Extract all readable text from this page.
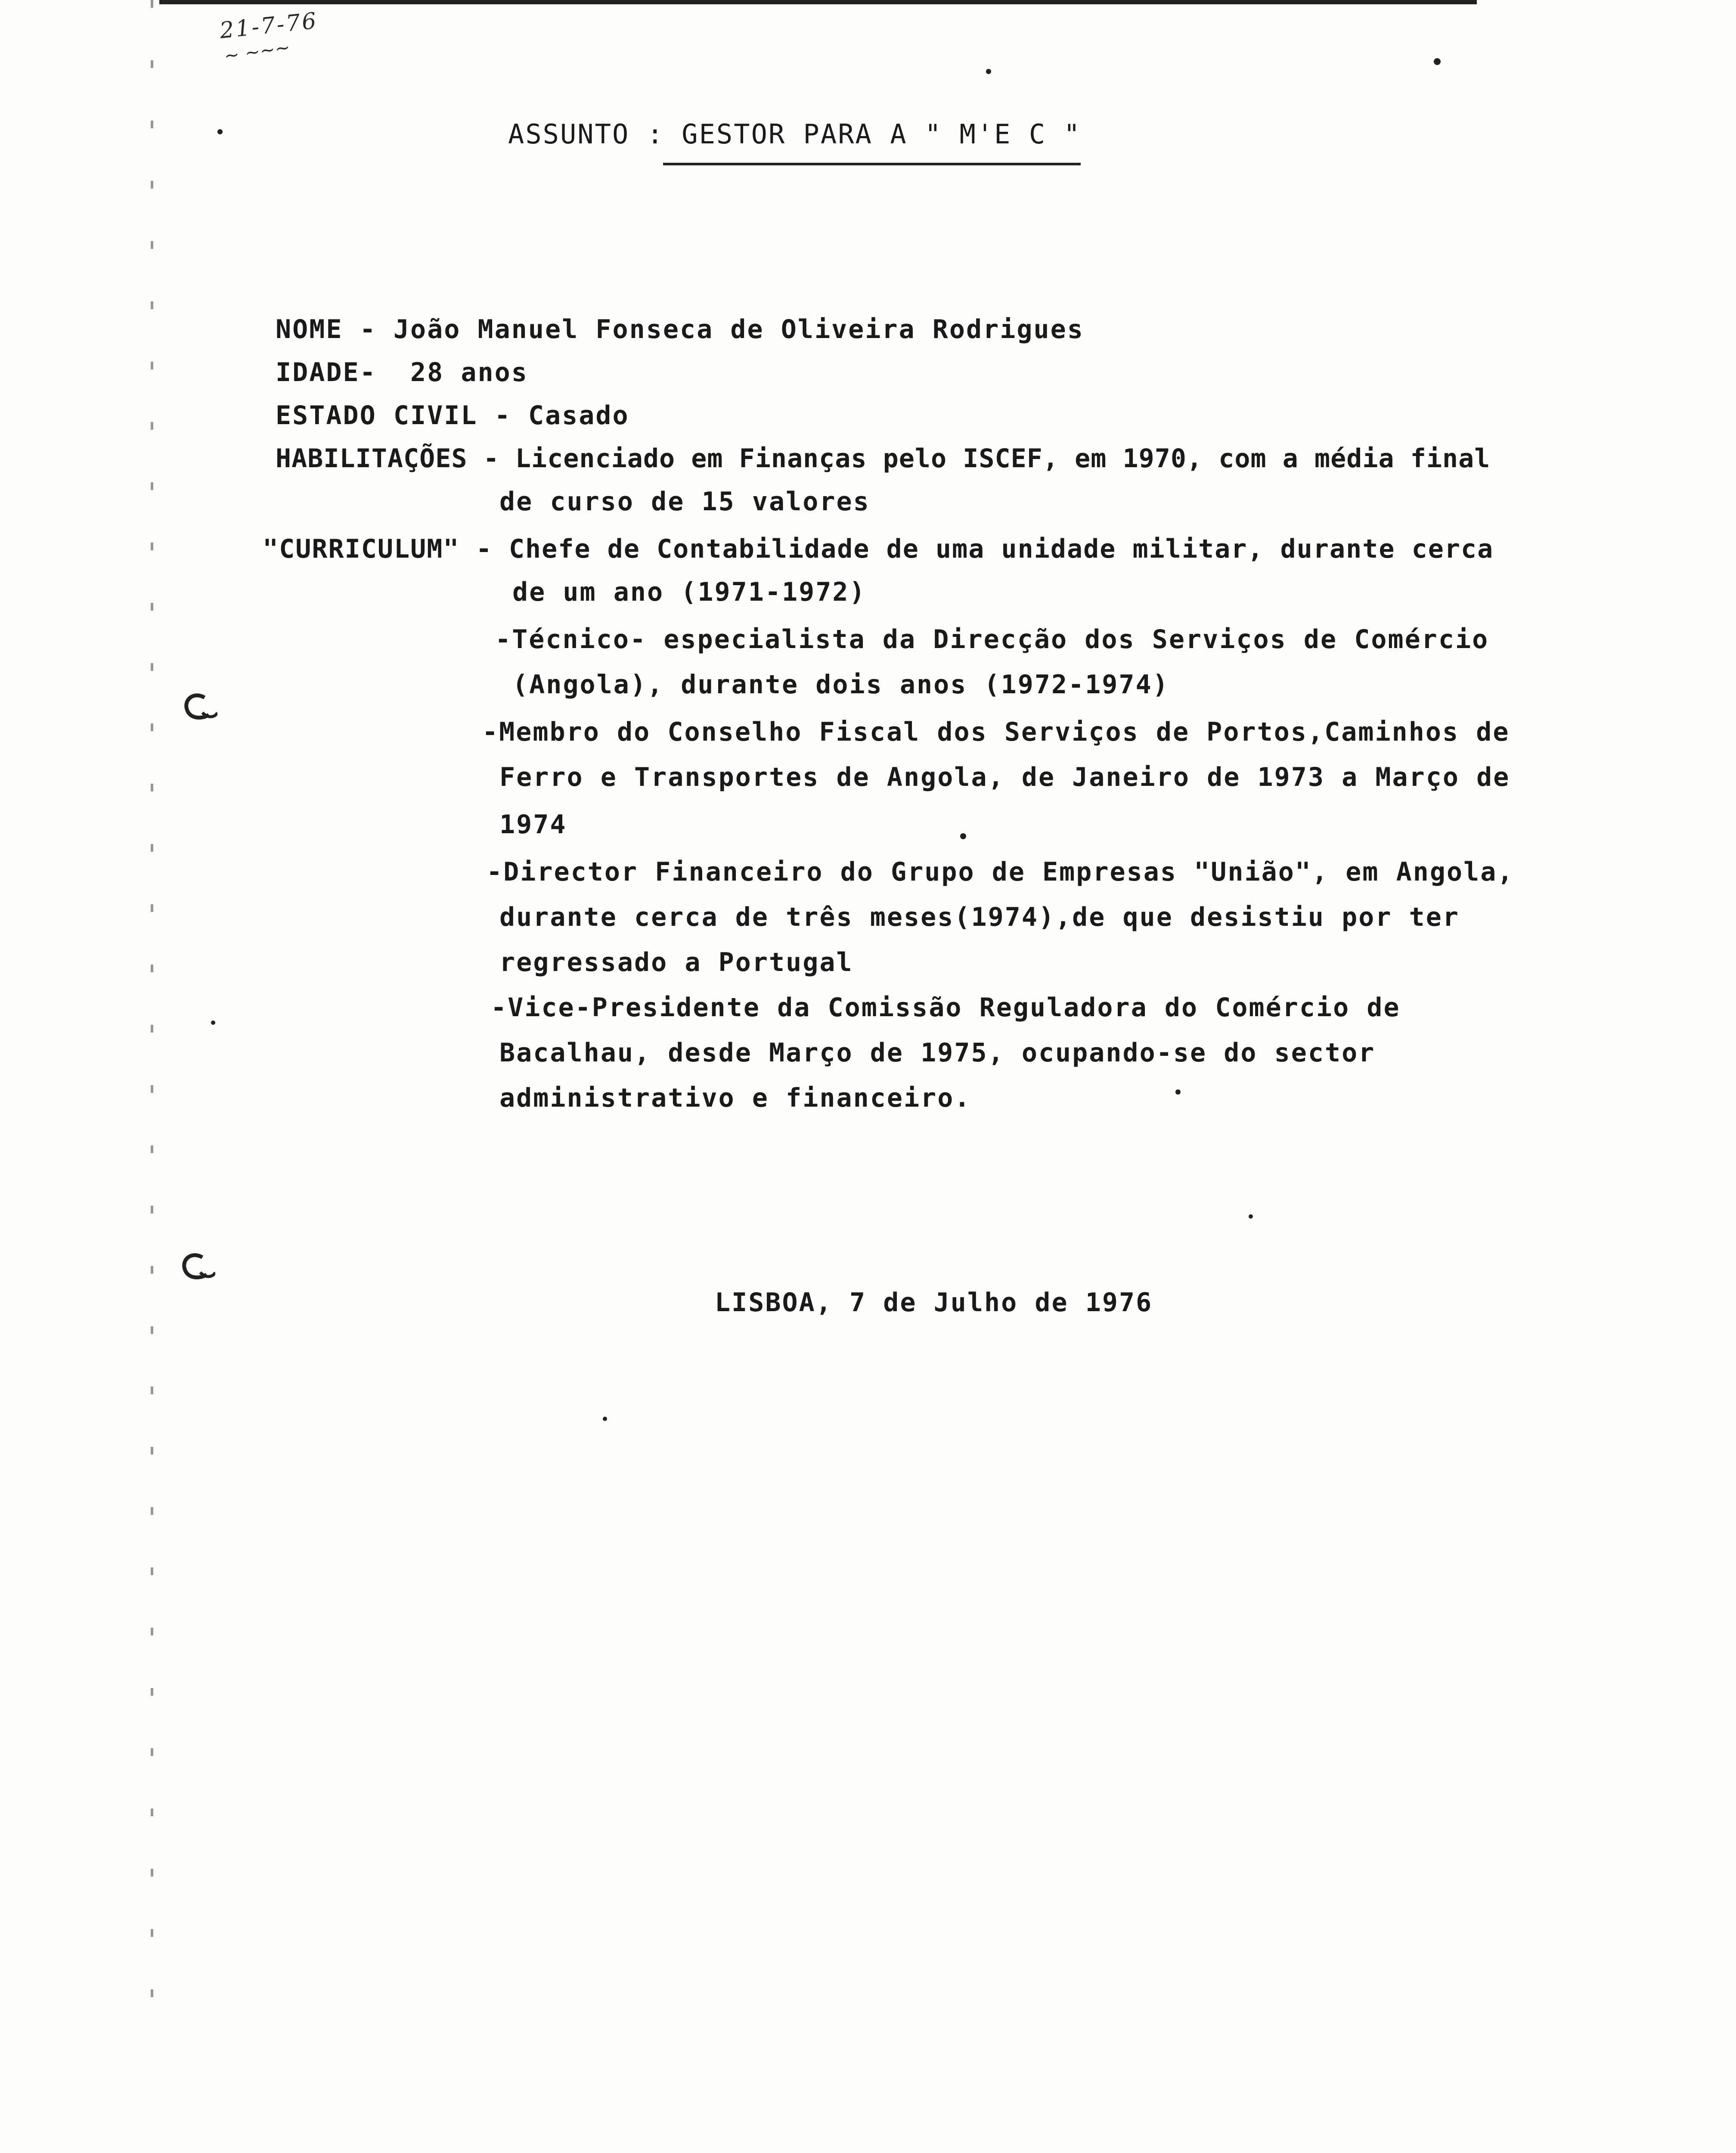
21-7-76
~ ~~~
ASSUNTO : GESTOR PARA A " M'E C "
NOME - João Manuel Fonseca de Oliveira Rodrigues
IDADE-  28 anos
ESTADO CIVIL - Casado
HABILITAÇÕES - Licenciado em Finanças pelo ISCEF, em 1970, com a média final
de curso de 15 valores
"CURRICULUM" - Chefe de Contabilidade de uma unidade militar, durante cerca
de um ano (1971-1972)
-Técnico- especialista da Direcção dos Serviços de Comércio
(Angola), durante dois anos (1972-1974)
-Membro do Conselho Fiscal dos Serviços de Portos,Caminhos de
Ferro e Transportes de Angola, de Janeiro de 1973 a Março de
1974
-Director Financeiro do Grupo de Empresas "União", em Angola,
durante cerca de três meses(1974),de que desistiu por ter
regressado a Portugal
-Vice-Presidente da Comissão Reguladora do Comércio de
Bacalhau, desde Março de 1975, ocupando-se do sector
administrativo e financeiro.
LISBOA, 7 de Julho de 1976
